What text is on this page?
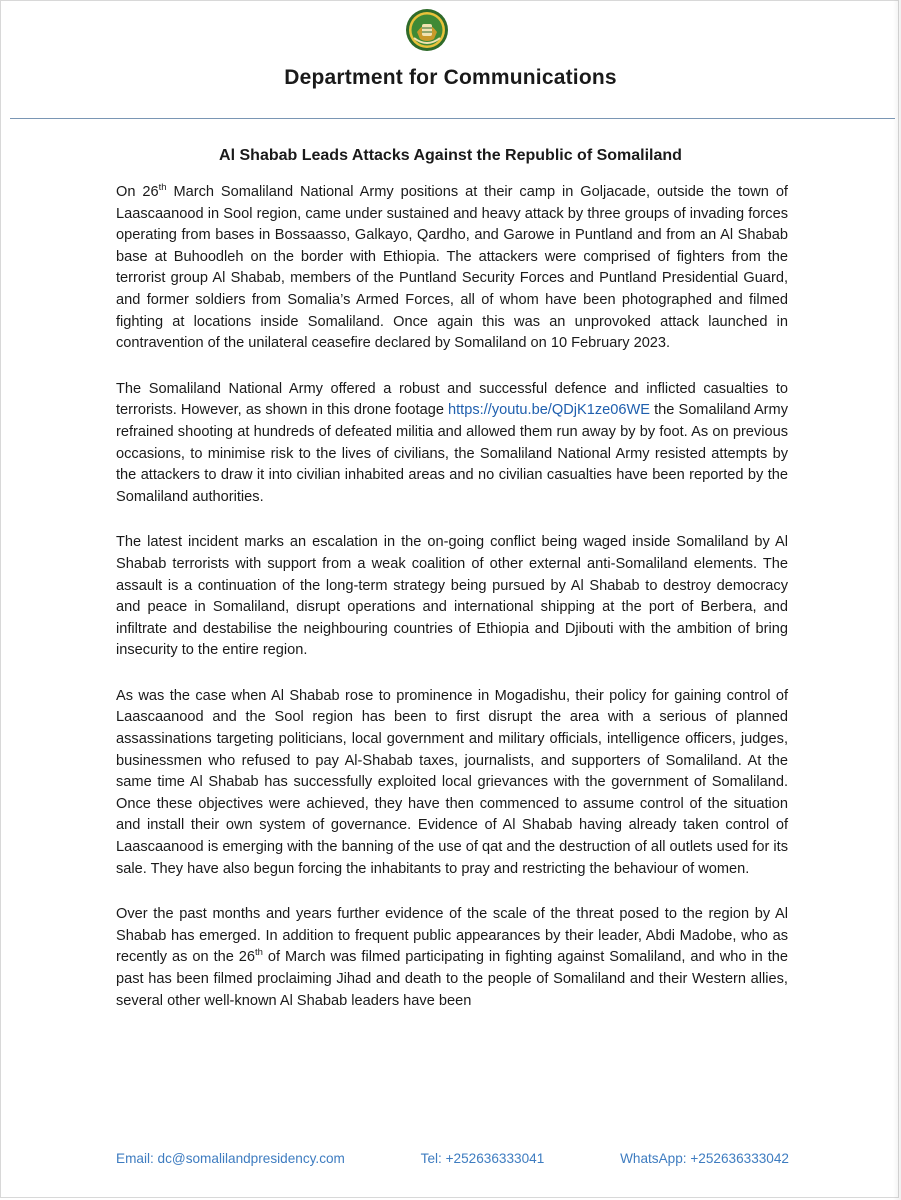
Department for Communications
Al Shabab Leads Attacks Against the Republic of Somaliland

On 26th March Somaliland National Army positions at their camp in Goljacade, outside the town of Laascaanood in Sool region, came under sustained and heavy attack by three groups of invading forces operating from bases in Bossaasso, Galkayo, Qardho, and Garowe in Puntland and from an Al Shabab base at Buhoodleh on the border with Ethiopia. The attackers were comprised of fighters from the terrorist group Al Shabab, members of the Puntland Security Forces and Puntland Presidential Guard, and former soldiers from Somalia’s Armed Forces, all of whom have been photographed and filmed fighting at locations inside Somaliland. Once again this was an unprovoked attack launched in contravention of the unilateral ceasefire declared by Somaliland on 10 February 2023.

The Somaliland National Army offered a robust and successful defence and inflicted casualties to terrorists. However, as shown in this drone footage https://youtu.be/QDjK1ze06WE the Somaliland Army refrained shooting at hundreds of defeated militia and allowed them run away by by foot. As on previous occasions, to minimise risk to the lives of civilians, the Somaliland National Army resisted attempts by the attackers to draw it into civilian inhabited areas and no civilian casualties have been reported by the Somaliland authorities.

The latest incident marks an escalation in the on-going conflict being waged inside Somaliland by Al Shabab terrorists with support from a weak coalition of other external anti-Somaliland elements. The assault is a continuation of the long-term strategy being pursued by Al Shabab to destroy democracy and peace in Somaliland, disrupt operations and international shipping at the port of Berbera, and infiltrate and destabilise the neighbouring countries of Ethiopia and Djibouti with the ambition of bring insecurity to the entire region.

As was the case when Al Shabab rose to prominence in Mogadishu, their policy for gaining control of Laascaanood and the Sool region has been to first disrupt the area with a serious of planned assassinations targeting politicians, local government and military officials, intelligence officers, judges, businessmen who refused to pay Al-Shabab taxes, journalists, and supporters of Somaliland. At the same time Al Shabab has successfully exploited local grievances with the government of Somaliland. Once these objectives were achieved, they have then commenced to assume control of the situation and install their own system of governance. Evidence of Al Shabab having already taken control of Laascaanood is emerging with the banning of the use of qat and the destruction of all outlets used for its sale. They have also begun forcing the inhabitants to pray and restricting the behaviour of women.

Over the past months and years further evidence of the scale of the threat posed to the region by Al Shabab has emerged. In addition to frequent public appearances by their leader, Abdi Madobe, who as recently as on the 26th of March was filmed participating in fighting against Somaliland, and who in the past has been filmed proclaiming Jihad and death to the people of Somaliland and their Western allies, several other well-known Al Shabab leaders have been

Email: dc@somalilandpresidency.com	Tel: +252636333041	WhatsApp: +252636333042
